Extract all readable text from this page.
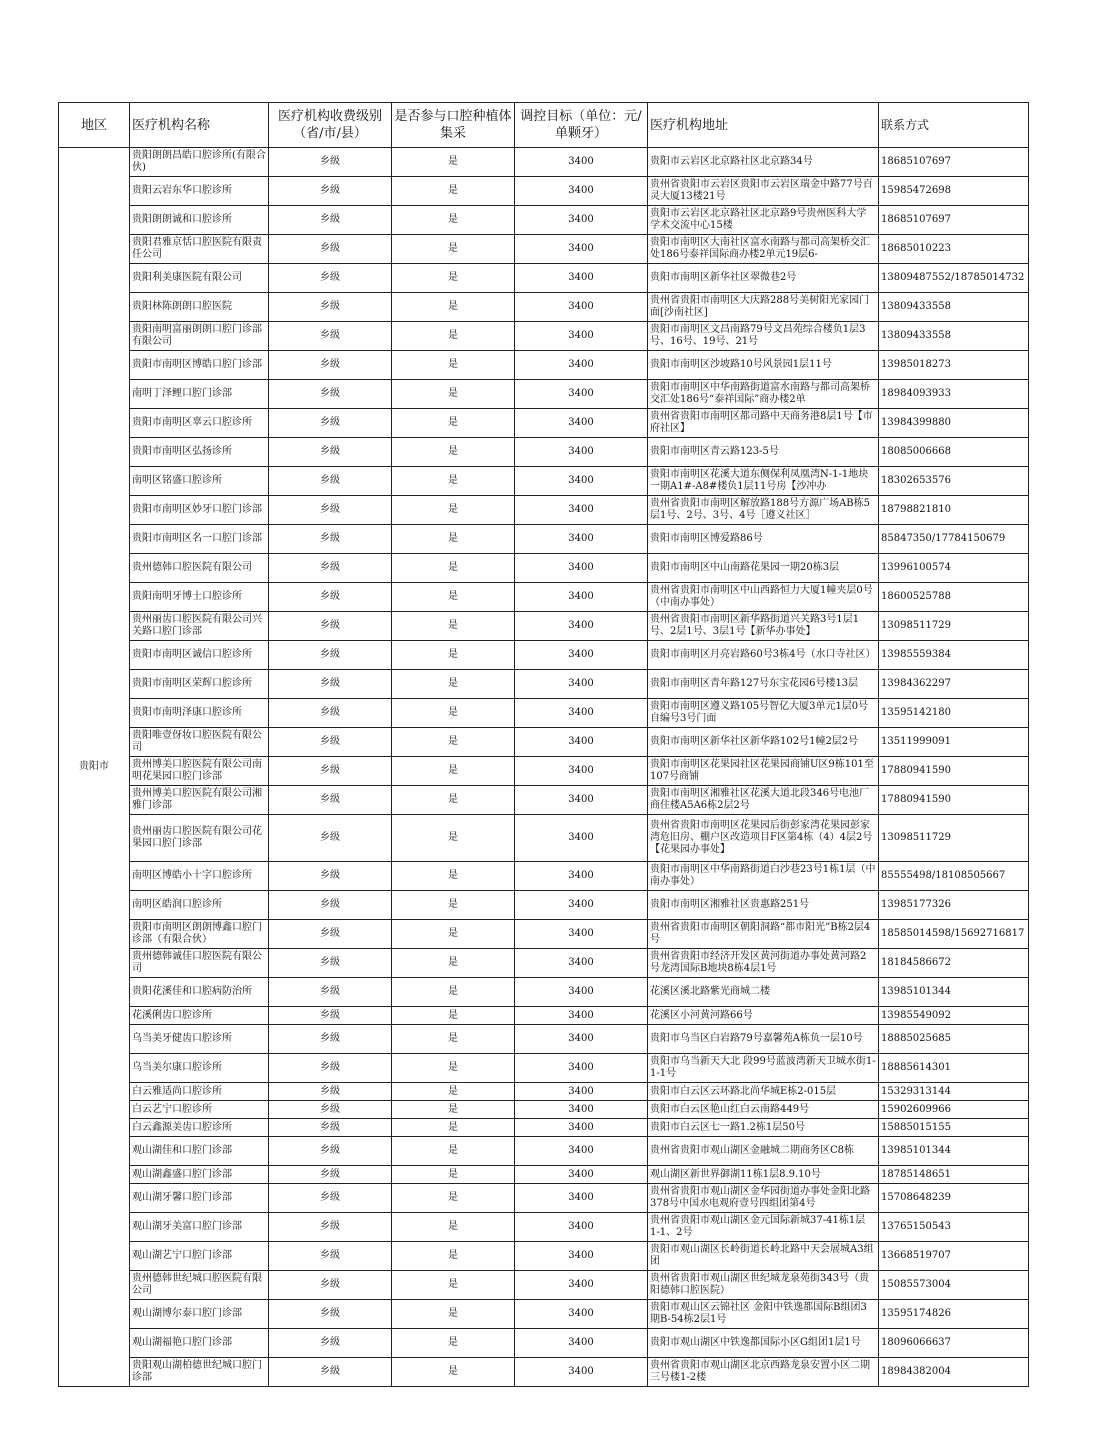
地区	医疗机构名称	医疗机构收费级别（省/市/县）	是否参与口腔种植体集采	调控目标（单位：元/单颗牙）	医疗机构地址	联系方式
贵阳市	贵阳朗朗昌皓口腔诊所(有限合伙)	乡级	是	3400	贵阳市云岩区北京路社区北京路34号	18685107697
	贵阳云岩东华口腔诊所	乡级	是	3400	贵州省贵阳市云岩区贵阳市云岩区瑞金中路77号百灵大厦13楼21号	15985472698
	贵阳朗朗诚和口腔诊所	乡级	是	3400	贵阳市云岩区北京路社区北京路9号贵州医科大学学术交流中心15楼	18685107697
	贵阳君雅京恬口腔医院有限责任公司	乡级	是	3400	贵阳市南明区大南社区富水南路与都司高架桥交汇处186号泰祥国际商办楼2单元19层6-	18685010223
	贵阳利美康医院有限公司	乡级	是	3400	贵阳市南明区新华社区翠微巷2号	13809487552/18785014732
	贵阳林陈朗朗口腔医院	乡级	是	3400	贵州省贵阳市南明区大庆路288号美树阳光家园门面[沙南社区]	13809433558
	贵阳南明富丽朗朗口腔门诊部有限公司	乡级	是	3400	贵阳市南明区文昌南路79号文昌苑综合楼负1层3号、16号、19号、21号	13809433558
	贵阳市南明区博皓口腔门诊部	乡级	是	3400	贵阳市南明区沙坡路10号风景园1层11号	13985018273
	南明丁泽鲤口腔门诊部	乡级	是	3400	贵阳市南明区中华南路街道富水南路与都司高架桥交汇处186号“泰祥国际”商办楼2单	18984093933
	贵阳市南明区辜云口腔诊所	乡级	是	3400	贵州省贵阳市南明区都司路中天商务港8层1号【市府社区】	13984399880
	贵阳市南明区弘扬诊所	乡级	是	3400	贵阳市南明区青云路123-5号	18085006668
	南明区铭盛口腔诊所	乡级	是	3400	贵阳市南明区花溪大道东侧保利凤凰湾N-1-1地块一期A1#-A8#楼负1层11号房【沙冲办	18302653576
	贵阳市南明区妙牙口腔门诊部	乡级	是	3400	贵州省贵阳市南明区解放路188号方源广场AB栋5层1号、2号、3号、4号［遵义社区］	18798821810
	贵阳市南明区名一口腔门诊部	乡级	是	3400	贵阳市南明区博爱路86号	85847350/17784150679
	贵州德韩口腔医院有限公司	乡级	是	3400	贵阳市南明区中山南路花果园一期20栋3层	13996100574
	贵阳南明牙博士口腔诊所	乡级	是	3400	贵州省贵阳市南明区中山西路恒力大厦1幢夹层0号（中南办事处）	18600525788
	贵州丽齿口腔医院有限公司兴关路口腔门诊部	乡级	是	3400	贵州省贵阳市南明区新华路街道兴关路3号1层1号、2层1号、3层1号【新华办事处】	13098511729
	贵阳市南明区诚信口腔诊所	乡级	是	3400	贵阳市南明区月亮岩路60号3栋4号（水口寺社区）	13985559384
	贵阳市南明区荣辉口腔诊所	乡级	是	3400	贵阳市南明区青年路127号东宝花园6号楼13层	13984362297
	贵阳市南明泽康口腔诊所	乡级	是	3400	贵阳市南明区遵义路105号智亿大厦3单元1层0号自编号3号门面	13595142180
	贵阳唯壹伢妆口腔医院有限公司	乡级	是	3400	贵阳市南明区新华社区新华路102号1幢2层2号	13511999091
	贵州博美口腔医院有限公司南明花果园口腔门诊部	乡级	是	3400	贵阳市南明区花果园社区花果园商铺U区9栋101至107号商铺	17880941590
	贵州博美口腔医院有限公司湘雅门诊部	乡级	是	3400	贵阳市南明区湘雅社区花溪大道北段346号电池厂商住楼A5A6栋2层2号	17880941590
	贵州丽齿口腔医院有限公司花果园口腔门诊部	乡级	是	3400	贵州省贵阳市南明区花果园后街彭家湾花果园彭家湾危旧房、棚户区改造项目F区第4栋（4）4层2号【花果园办事处】	13098511729
	南明区博皓小十字口腔诊所	乡级	是	3400	贵阳市南明区中华南路街道白沙巷23号1栋1层（中南办事处）	85555498/18108505667
	南明区皓润口腔诊所	乡级	是	3400	贵阳市南明区湘雅社区贵惠路251号	13985177326
	贵阳市南明区朗朗博鑫口腔门诊部（有限合伙）	乡级	是	3400	贵州省贵阳市南明区朝阳洞路“都市阳光”B栋2层4号	18585014598/15692716817
	贵州德韩诚佳口腔医院有限公司	乡级	是	3400	贵州省贵阳市经济开发区黄河街道办事处黄河路2号龙湾国际B地块8栋4层1号	18184586672
	贵阳花溪佳和口腔病防治所	乡级	是	3400	花溪区溪北路紫光商城二楼	13985101344
	花溪俐齿口腔诊所	乡级	是	3400	花溪区小河黄河路66号	13985549092
	乌当美牙健齿口腔诊所	乡级	是	3400	贵阳市乌当区白岩路79号嘉馨苑A栋负一层10号	18885025685
	乌当美尔康口腔诊所	乡级	是	3400	贵阳市乌当新天大北 段99号蓝波湾新天卫城水街1-1-1号	18885614301
	白云雅适尚口腔诊所	乡级	是	3400	贵阳市白云区云环路北尚华城E栋2-015层	15329313144
	白云艺宁口腔诊所	乡级	是	3400	贵阳市白云区艳山红白云南路449号	15902609966
	白云鑫源美齿口腔诊所	乡级	是	3400	贵阳市白云区七一路1.2栋1层50号	15885015155
	观山湖佳和口腔门诊部	乡级	是	3400	贵州省贵阳市观山湖区金融城二期商务区C8栋	13985101344
	观山湖鑫盛口腔门诊部	乡级	是	3400	观山湖区新世界御湖11栋1层8.9.10号	18785148651
	观山湖牙馨口腔门诊部	乡级	是	3400	贵州省贵阳市观山湖区金华园街道办事处金阳北路378号中国水电观府壹号四组团第4号	15708648239
	观山湖牙美富口腔门诊部	乡级	是	3400	贵州省贵阳市观山湖区金元国际新城37-41栋1层 1-1、2号	13765150543
	观山湖艺宁口腔门诊部	乡级	是	3400	贵阳市观山湖区长岭街道长岭北路中天会展城A3组团	13668519707
	贵州德韩世纪城口腔医院有限公司	乡级	是	3400	贵州省贵阳市观山湖区世纪城龙泉苑街343号（贵阳德韩口腔医院）	15085573004
	观山湖博尔泰口腔门诊部	乡级	是	3400	贵阳市观山区云锦社区 金阳中铁逸都国际B组团3期B-54栋2层1号	13595174826
	观山湖福艳口腔门诊部	乡级	是	3400	贵阳市观山湖区中铁逸都国际小区G组团1层1号	18096066637
	贵阳观山湖柏德世纪城口腔门诊部	乡级	是	3400	贵州省贵阳市观山湖区北京西路龙泉安置小区二期三号楼1-2楼	18984382004
